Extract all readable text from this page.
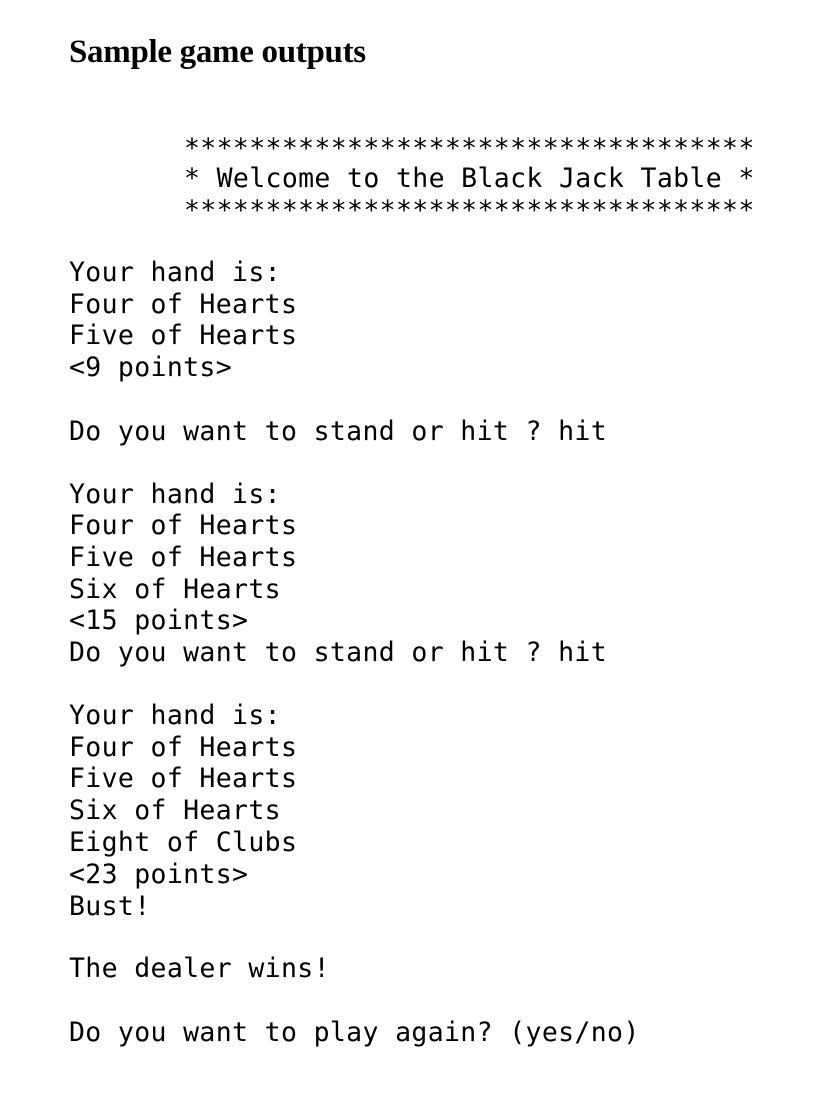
Sample game outputs

***********************************

* Welcome to the Black Jack Table *

***********************************

Your hand is:

Four of Hearts

Five of Hearts

<9 points>

Do you want to stand or hit ? hit

Your hand is:

Four of Hearts

Five of Hearts

Six of Hearts

<15 points>

Do you want to stand or hit ? hit

Your hand is:

Four of Hearts

Five of Hearts

Six of Hearts

Eight of Clubs

<23 points>

Bust!

The dealer wins!

Do you want to play again? (yes/no)
